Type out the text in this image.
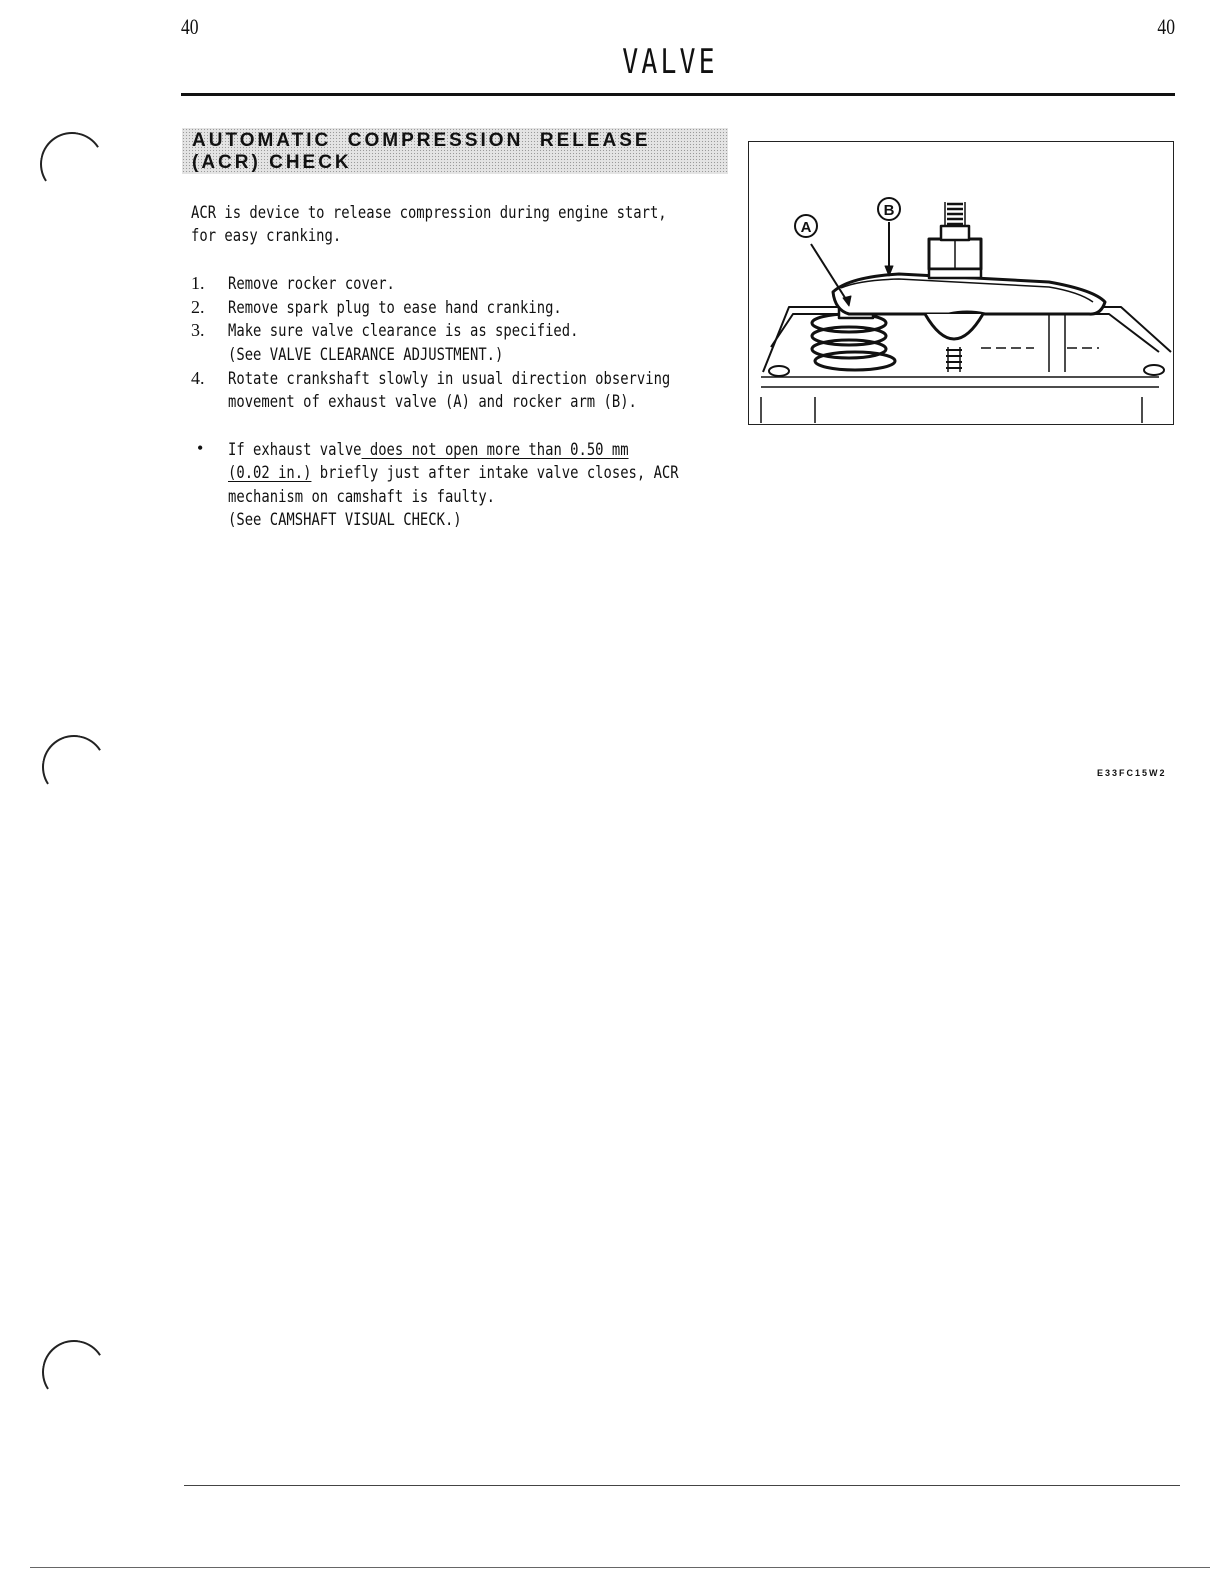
40	40
VALVE
AUTOMATIC  COMPRESSION  RELEASE
(ACR) CHECK
ACR is device to release compression during engine start,
for easy cranking.
1. Remove rocker cover.
2. Remove spark plug to ease hand cranking.
3. Make sure valve clearance is as specified.
(See VALVE CLEARANCE ADJUSTMENT.)
4. Rotate crankshaft slowly in usual direction observing
movement of exhaust valve (A) and rocker arm (B).
• If exhaust valve does not open more than 0.50 mm
(0.02 in.) briefly just after intake valve closes, ACR
mechanism on camshaft is faulty.
(See CAMSHAFT VISUAL CHECK.)
A
B
E33FC15W2
